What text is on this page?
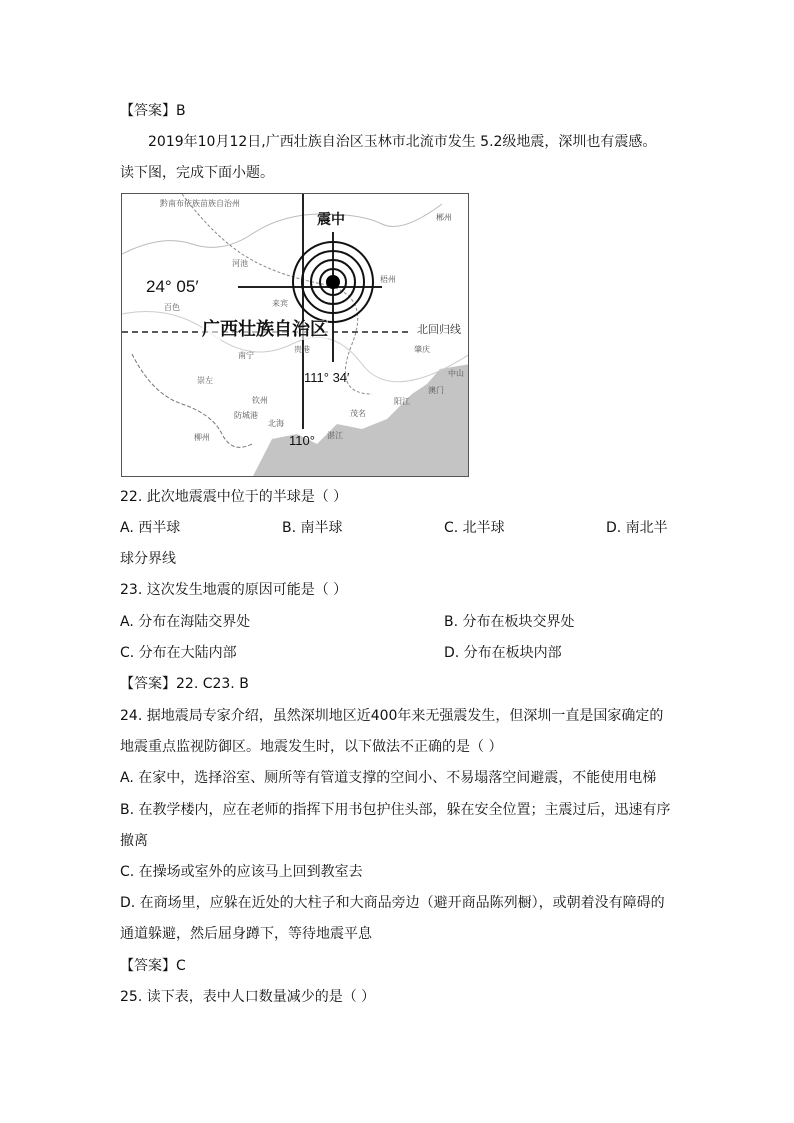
【答案】B
2019年10月12日,广西壮族自治区玉林市北流市发生 5.2级地震，深圳也有震感。
读下图，完成下面小题。
震中
24° 05′
广西壮族自治区	北回归线
111° 34′
110°
黔南布依族苗族自治州
河池
百色	来宾
南宁
崇左
钦州
防城港
北海
湛江
茂名
阳江
贵港	肇庆
中山
澳门
郴州
梧州
柳州
22. 此次地震震中位于的半球是（ ）
A. 西半球	B. 南半球	C. 北半球	D. 南北半
球分界线
23. 这次发生地震的原因可能是（ ）
A. 分布在海陆交界处	B. 分布在板块交界处
C. 分布在大陆内部	D. 分布在板块内部
【答案】22. C23. B
24. 据地震局专家介绍，虽然深圳地区近400年来无强震发生，但深圳一直是国家确定的
地震重点监视防御区。地震发生时，以下做法不正确的是（ ）
A. 在家中，选择浴室、厕所等有管道支撑的空间小、不易塌落空间避震，不能使用电梯
B. 在教学楼内，应在老师的指挥下用书包护住头部，躲在安全位置；主震过后，迅速有序
撤离
C. 在操场或室外的应该马上回到教室去
D. 在商场里，应躲在近处的大柱子和大商品旁边（避开商品陈列橱），或朝着没有障碍的
通道躲避，然后屈身蹲下，等待地震平息
【答案】C
25. 读下表，表中人口数量减少的是（ ）
